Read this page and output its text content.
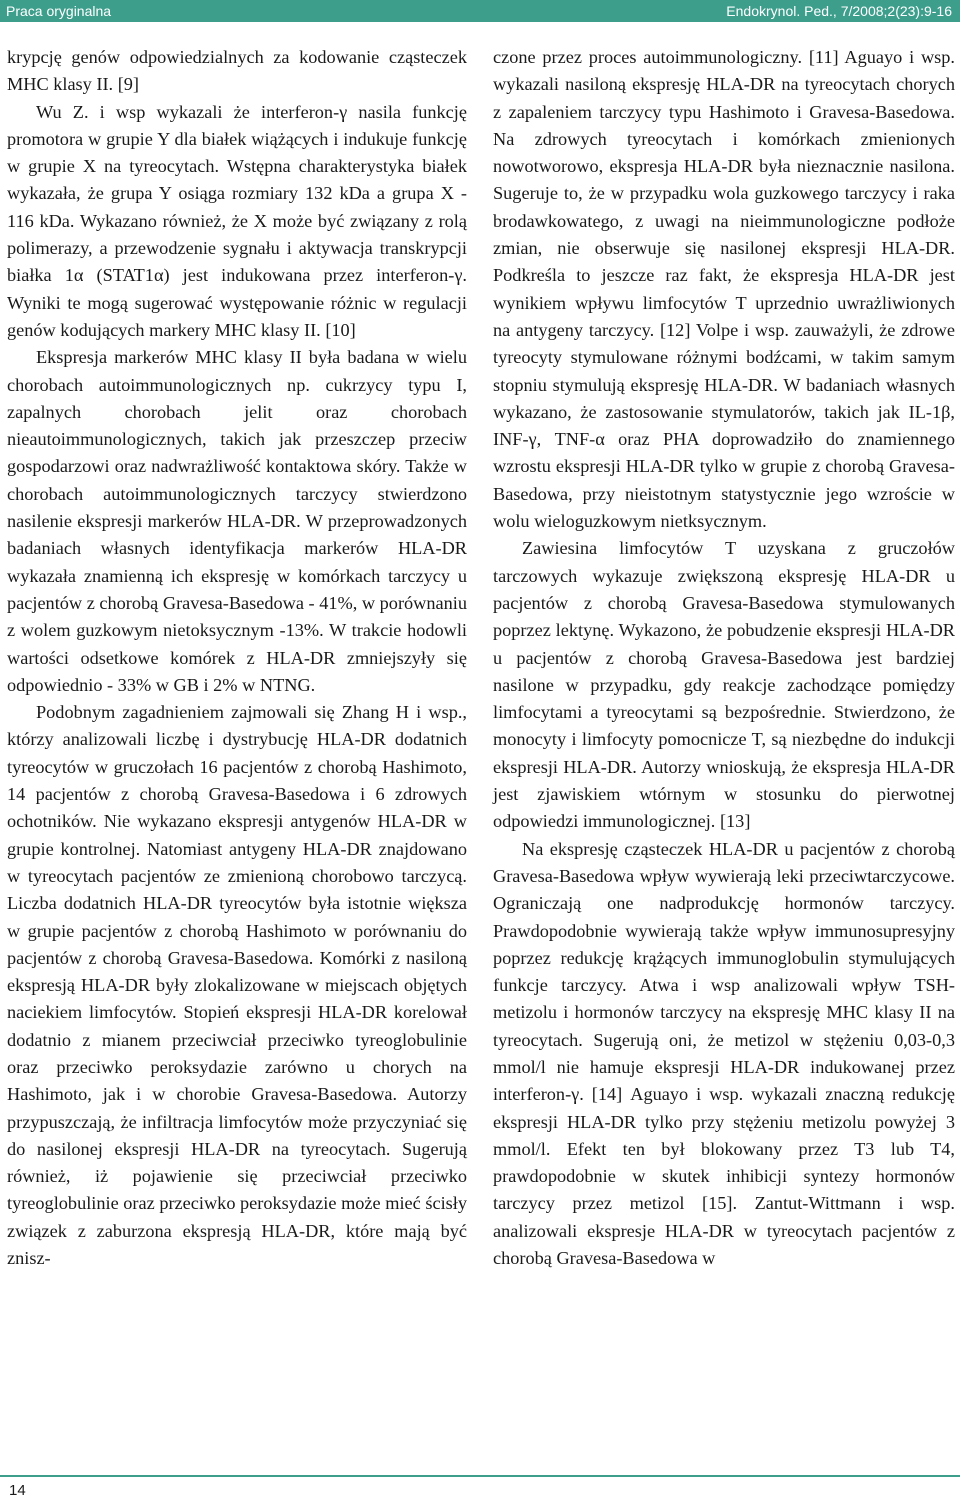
Praca oryginalna	Endokrynol. Ped., 7/2008;2(23):9-16

krypcję genów odpowiedzialnych za kodowanie cząsteczek MHC klasy II. [9]

Wu Z. i wsp wykazali że interferon-γ nasila funkcję promotora w grupie Y dla białek wiążących i indukuje funkcję w grupie X na tyreocytach. Wstępna charakterystyka białek wykazała, że grupa Y osiąga rozmiary 132 kDa a grupa X - 116 kDa. Wykazano również, że X może być związany z rolą polimerazy, a przewodzenie sygnału i aktywacja transkrypcji białka 1α (STAT1α) jest indukowana przez interferon-γ. Wyniki te mogą sugerować występowanie różnic w regulacji genów kodujących markery MHC klasy II. [10]

Ekspresja markerów MHC klasy II była badana w wielu chorobach autoimmunologicznych np. cukrzycy typu I, zapalnych chorobach jelit oraz chorobach nieautoimmunologicznych, takich jak przeszczep przeciw gospodarzowi oraz nadwrażliwość kontaktowa skóry. Także w chorobach autoimmunologicznych tarczycy stwierdzono nasilenie ekspresji markerów HLA-DR. W przeprowadzonych badaniach własnych identyfikacja markerów HLA-DR wykazała znamienną ich ekspresję w komórkach tarczycy u pacjentów z chorobą Gravesa-Basedowa - 41%, w porównaniu z wolem guzkowym nietoksycznym -13%. W trakcie hodowli wartości odsetkowe komórek z HLA-DR zmniejszyły się odpowiednio - 33% w GB i 2% w NTNG.

Podobnym zagadnieniem zajmowali się Zhang H i wsp., którzy analizowali liczbę i dystrybucję HLA-DR dodatnich tyreocytów w gruczołach 16 pacjentów z chorobą Hashimoto, 14 pacjentów z chorobą Gravesa-Basedowa i 6 zdrowych ochotników. Nie wykazano ekspresji antygenów HLA-DR w grupie kontrolnej. Natomiast antygeny HLA-DR znajdowano w tyreocytach pacjentów ze zmienioną chorobowo tarczycą. Liczba dodatnich HLA-DR tyreocytów była istotnie większa w grupie pacjentów z chorobą Hashimoto w porównaniu do pacjentów z chorobą Gravesa-Basedowa. Komórki z nasiloną ekspresją HLA-DR były zlokalizowane w miejscach objętych naciekiem limfocytów. Stopień ekspresji HLA-DR korelował dodatnio z mianem przeciwciał przeciwko tyreoglobulinie oraz przeciwko peroksydazie zarówno u chorych na Hashimoto, jak i w chorobie Gravesa-Basedowa. Autorzy przypuszczają, że infiltracja limfocytów może przyczyniać się do nasilonej ekspresji HLA-DR na tyreocytach. Sugerują również, iż pojawienie się przeciwciał przeciwko tyreoglobulinie oraz przeciwko peroksydazie może mieć ścisły związek z zaburzona ekspresją HLA-DR, które mają być znisz-

czone przez proces autoimmunologiczny. [11] Aguayo i wsp. wykazali nasiloną ekspresję HLA-DR na tyreocytach chorych z zapaleniem tarczycy typu Hashimoto i Gravesa-Basedowa. Na zdrowych tyreocytach i komórkach zmienionych nowotworowo, ekspresja HLA-DR była nieznacznie nasilona. Sugeruje to, że w przypadku wola guzkowego tarczycy i raka brodawkowatego, z uwagi na nieimmunologiczne podłoże zmian, nie obserwuje się nasilonej ekspresji HLA-DR. Podkreśla to jeszcze raz fakt, że ekspresja HLA-DR jest wynikiem wpływu limfocytów T uprzednio uwrażliwionych na antygeny tarczycy. [12] Volpe i wsp. zauważyli, że zdrowe tyreocyty stymulowane różnymi bodźcami, w takim samym stopniu stymulują ekspresję HLA-DR. W badaniach własnych wykazano, że zastosowanie stymulatorów, takich jak IL-1β, INF-γ, TNF-α oraz PHA doprowadziło do znamiennego wzrostu ekspresji HLA-DR tylko w grupie z chorobą Gravesa-Basedowa, przy nieistotnym statystycznie jego wzroście w wolu wieloguzkowym nietksycznym.

Zawiesina limfocytów T uzyskana z gruczołów tarczowych wykazuje zwiększoną ekspresję HLA-DR u pacjentów z chorobą Gravesa-Basedowa stymulowanych poprzez lektynę. Wykazono, że pobudzenie ekspresji HLA-DR u pacjentów z chorobą Gravesa-Basedowa jest bardziej nasilone w przypadku, gdy reakcje zachodzące pomiędzy limfocytami a tyreocytami są bezpośrednie. Stwierdzono, że monocyty i limfocyty pomocnicze T, są niezbędne do indukcji ekspresji HLA-DR. Autorzy wnioskują, że ekspresja HLA-DR jest zjawiskiem wtórnym w stosunku do pierwotnej odpowiedzi immunologicznej. [13]

Na ekspresję cząsteczek HLA-DR u pacjentów z chorobą Gravesa-Basedowa wpływ wywierają leki przeciwtarczycowe. Ograniczają one nadprodukcję hormonów tarczycy. Prawdopodobnie wywierają także wpływ immunosupresyjny poprzez redukcję krążących immunoglobulin stymulujących funkcje tarczycy. Atwa i wsp analizowali wpływ TSH-metizolu i hormonów tarczycy na ekspresję MHC klasy II na tyreocytach. Sugerują oni, że metizol w stężeniu 0,03-0,3 mmol/l nie hamuje ekspresji HLA-DR indukowanej przez interferon-γ. [14] Aguayo i wsp. wykazali znaczną redukcję ekspresji HLA-DR tylko przy stężeniu metizolu powyżej 3 mmol/l. Efekt ten był blokowany przez T3 lub T4, prawdopodobnie w skutek inhibicji syntezy hormonów tarczycy przez metizol [15]. Zantut-Wittmann i wsp. analizowali ekspresje HLA-DR w tyreocytach pacjentów z chorobą Gravesa-Basedowa w

14
